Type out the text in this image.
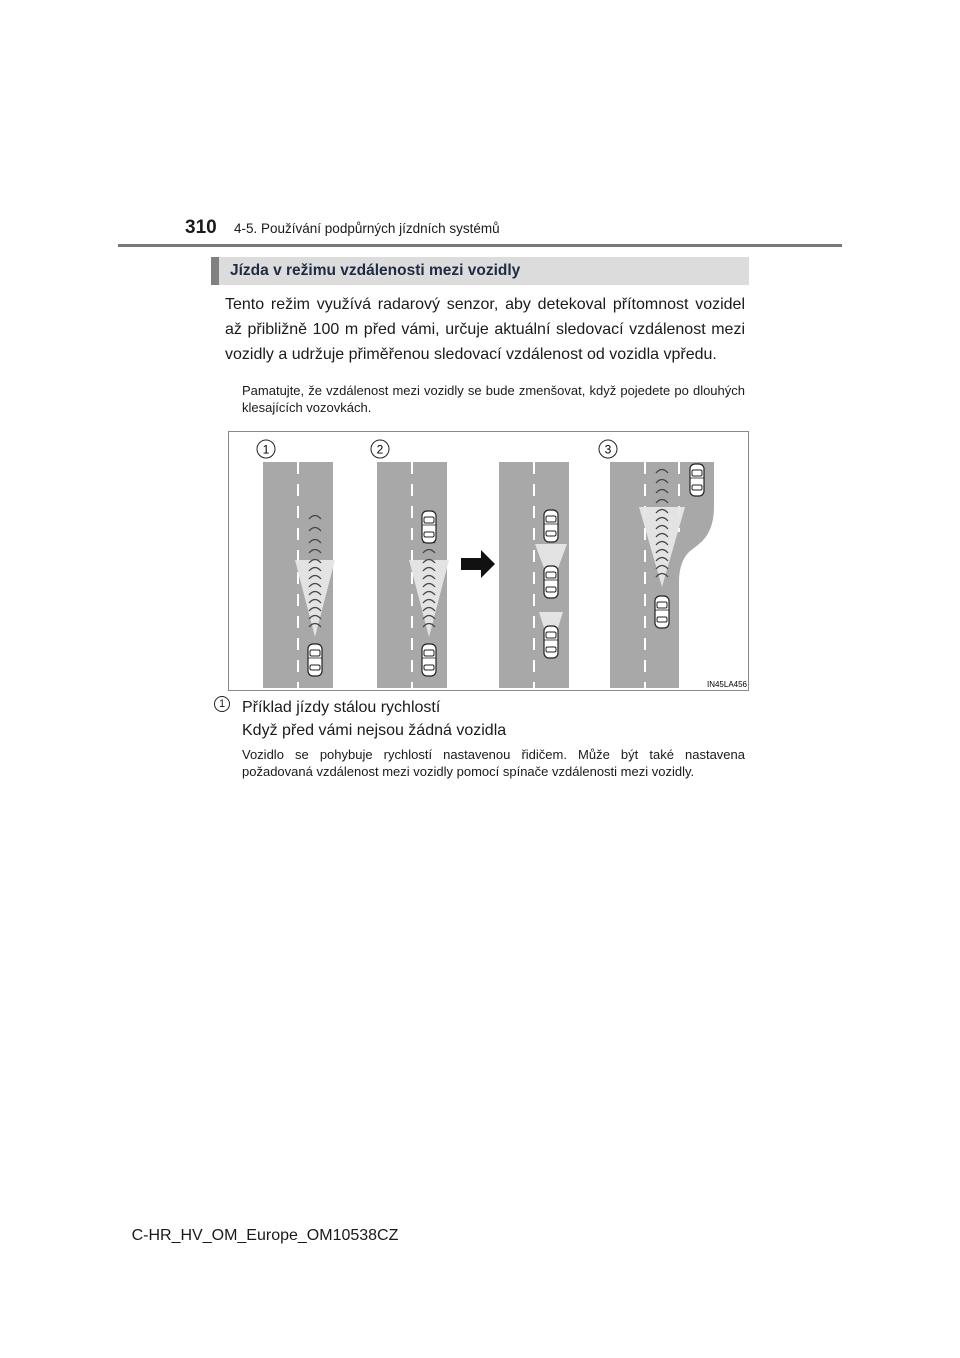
310 4-5. Používání podpůrných jízdních systémů
Jízda v režimu vzdálenosti mezi vozidly

Tento režim využívá radarový senzor, aby detekoval přítomnost vozidel až přibližně 100 m před vámi, určuje aktuální sledovací vzdálenost mezi vozidly a udržuje přiměřenou sledovací vzdálenost od vozidla vpředu.

Pamatujte, že vzdálenost mezi vozidly se bude zmenšovat, když pojedete po dlouhých klesajících vozovkách.

1	2	3
IN45LA456
1	Příklad jízdy stálou rychlostí
Když před vámi nejsou žádná vozidla

Vozidlo se pohybuje rychlostí nastavenou řidičem. Může být také nastavena požadovaná vzdálenost mezi vozidly pomocí spínače vzdálenosti mezi vozidly.

C-HR_HV_OM_Europe_OM10538CZ
